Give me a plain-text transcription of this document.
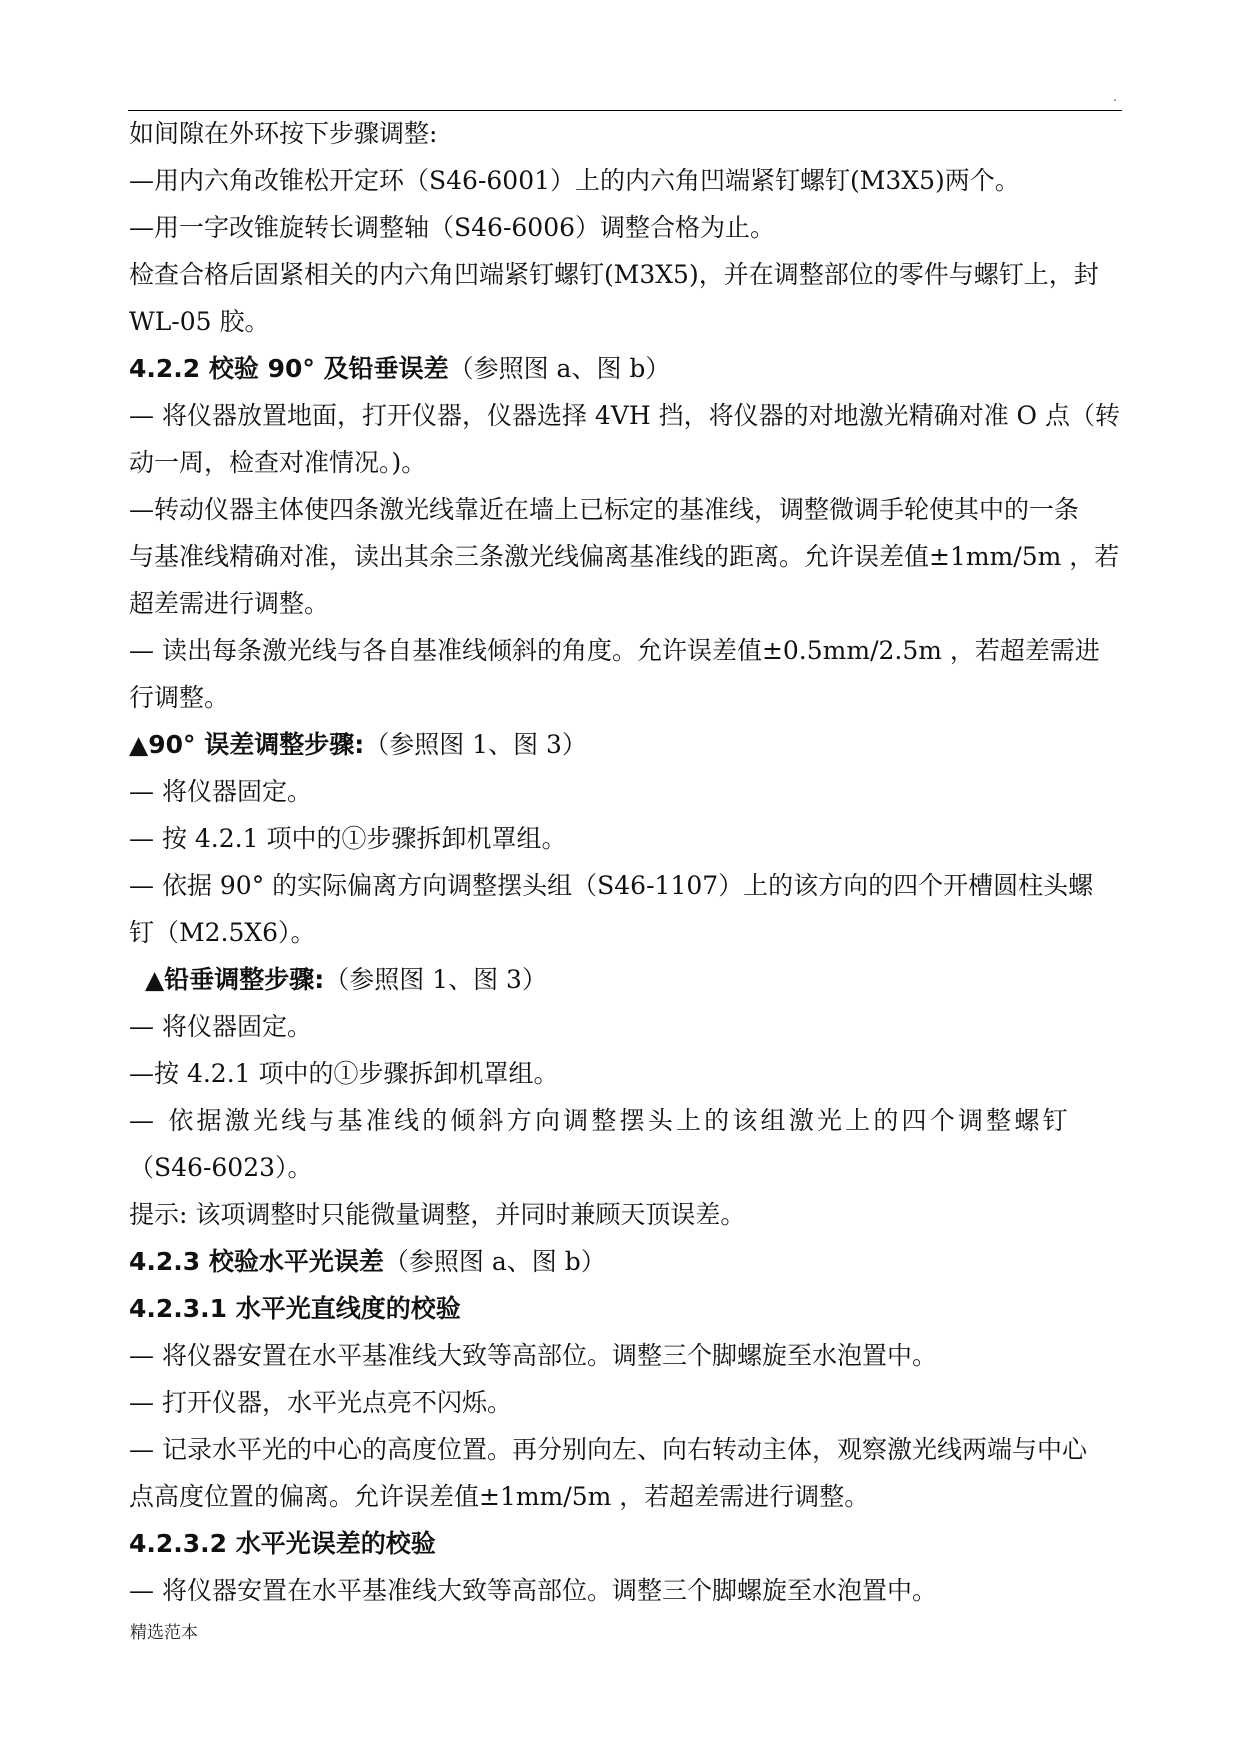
.
如间隙在外环按下步骤调整:
—用内六角改锥松开定环（S46-6001）上的内六角凹端紧钉螺钉(M3X5)两个。
—用一字改锥旋转长调整轴（S46-6006）调整合格为止。
检查合格后固紧相关的内六角凹端紧钉螺钉(M3X5)，并在调整部位的零件与螺钉上，封
WL-05 胶。
4.2.2 校验 90° 及铅垂误差（参照图 a、图 b）
— 将仪器放置地面，打开仪器，仪器选择 4VH 挡，将仪器的对地激光精确对准 O 点（转
动一周，检查对准情况。)。
—转动仪器主体使四条激光线靠近在墙上已标定的基准线，调整微调手轮使其中的一条
与基准线精确对准，读出其余三条激光线偏离基准线的距离。允许误差值±1mm/5m ，若
超差需进行调整。
— 读出每条激光线与各自基准线倾斜的角度。允许误差值±0.5mm/2.5m ，若超差需进
行调整。
▲90° 误差调整步骤:（参照图 1、图 3）
— 将仪器固定。
— 按 4.2.1 项中的①步骤拆卸机罩组。
— 依据 90° 的实际偏离方向调整摆头组（S46-1107）上的该方向的四个开槽圆柱头螺
钉（M2.5X6）。
▲铅垂调整步骤:（参照图 1、图 3）
— 将仪器固定。
—按 4.2.1 项中的①步骤拆卸机罩组。
— 依据激光线与基准线的倾斜方向调整摆头上的该组激光上的四个调整螺钉
（S46-6023）。
提示: 该项调整时只能微量调整，并同时兼顾天顶误差。
4.2.3 校验水平光误差（参照图 a、图 b）
4.2.3.1 水平光直线度的校验
— 将仪器安置在水平基准线大致等高部位。调整三个脚螺旋至水泡置中。
— 打开仪器，水平光点亮不闪烁。
— 记录水平光的中心的高度位置。再分别向左、向右转动主体，观察激光线两端与中心
点高度位置的偏离。允许误差值±1mm/5m ，若超差需进行调整。
4.2.3.2 水平光误差的校验
— 将仪器安置在水平基准线大致等高部位。调整三个脚螺旋至水泡置中。
精选范本
